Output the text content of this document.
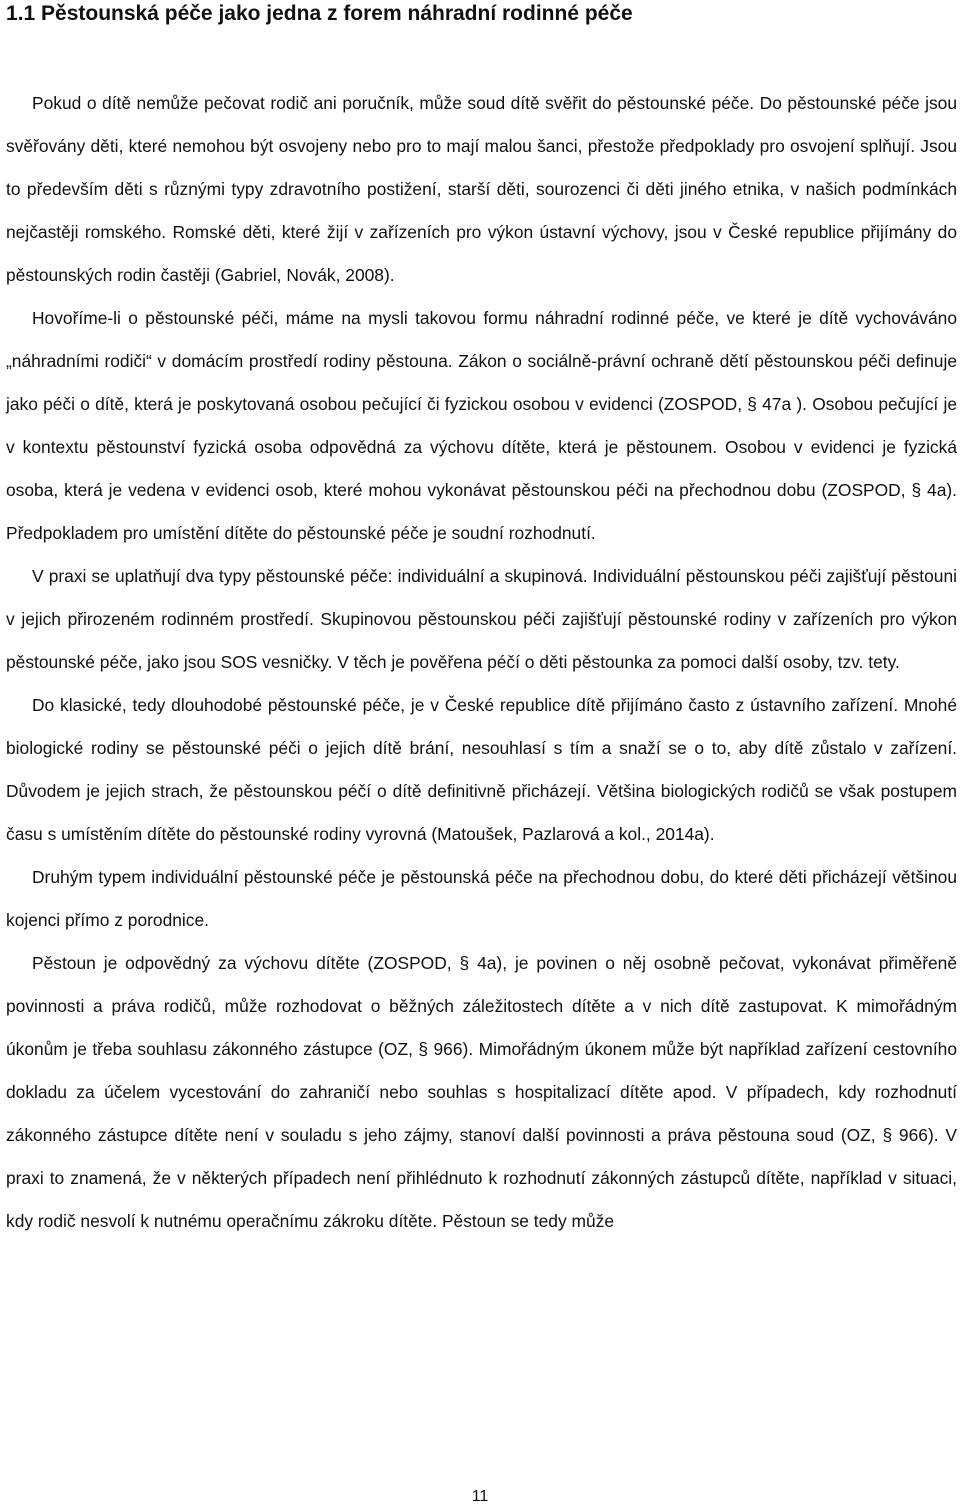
1.1 Pěstounská péče jako jedna z forem náhradní rodinné péče

Pokud o dítě nemůže pečovat rodič ani poručník, může soud dítě svěřit do pěstounské péče. Do pěstounské péče jsou svěřovány děti, které nemohou být osvojeny nebo pro to mají malou šanci, přestože předpoklady pro osvojení splňují. Jsou to především děti s různými typy zdravotního postižení, starší děti, sourozenci či děti jiného etnika, v našich podmínkách nejčastěji romského. Romské děti, které žijí v zařízeních pro výkon ústavní výchovy, jsou v České republice přijímány do pěstounských rodin častěji (Gabriel, Novák, 2008).

Hovoříme-li o pěstounské péči, máme na mysli takovou formu náhradní rodinné péče, ve které je dítě vychováváno „náhradními rodiči“ v domácím prostředí rodiny pěstouna. Zákon o sociálně-právní ochraně dětí pěstounskou péči definuje jako péči o dítě, která je poskytovaná osobou pečující či fyzickou osobou v evidenci (ZOSPOD, § 47a ). Osobou pečující je v kontextu pěstounství fyzická osoba odpovědná za výchovu dítěte, která je pěstounem. Osobou v evidenci je fyzická osoba, která je vedena v evidenci osob, které mohou vykonávat pěstounskou péči na přechodnou dobu (ZOSPOD, § 4a). Předpokladem pro umístění dítěte do pěstounské péče je soudní rozhodnutí.

V praxi se uplatňují dva typy pěstounské péče: individuální a skupinová. Individuální pěstounskou péči zajišťují pěstouni v jejich přirozeném rodinném prostředí. Skupinovou pěstounskou péči zajišťují pěstounské rodiny v zařízeních pro výkon pěstounské péče, jako jsou SOS vesničky. V těch je pověřena péčí o děti pěstounka za pomoci další osoby, tzv. tety.

Do klasické, tedy dlouhodobé pěstounské péče, je v České republice dítě přijímáno často z ústavního zařízení. Mnohé biologické rodiny se pěstounské péči o jejich dítě brání, nesouhlasí s tím a snaží se o to, aby dítě zůstalo v zařízení. Důvodem je jejich strach, že pěstounskou péčí o dítě definitivně přicházejí. Většina biologických rodičů se však postupem času s umístěním dítěte do pěstounské rodiny vyrovná (Matoušek, Pazlarová a kol., 2014a).

Druhým typem individuální pěstounské péče je pěstounská péče na přechodnou dobu, do které děti přicházejí většinou kojenci přímo z porodnice.

Pěstoun je odpovědný za výchovu dítěte (ZOSPOD, § 4a), je povinen o něj osobně pečovat, vykonávat přiměřeně povinnosti a práva rodičů, může rozhodovat o běžných záležitostech dítěte a v nich dítě zastupovat. K mimořádným úkonům je třeba souhlasu zákonného zástupce (OZ, § 966). Mimořádným úkonem může být například zařízení cestovního dokladu za účelem vycestování do zahraničí nebo souhlas s hospitalizací dítěte apod. V případech, kdy rozhodnutí zákonného zástupce dítěte není v souladu s jeho zájmy, stanoví další povinnosti a práva pěstouna soud (OZ, § 966). V praxi to znamená, že v některých případech není přihlédnuto k rozhodnutí zákonných zástupců dítěte, například v situaci, kdy rodič nesvolí k nutnému operačnímu zákroku dítěte. Pěstoun se tedy může

11
